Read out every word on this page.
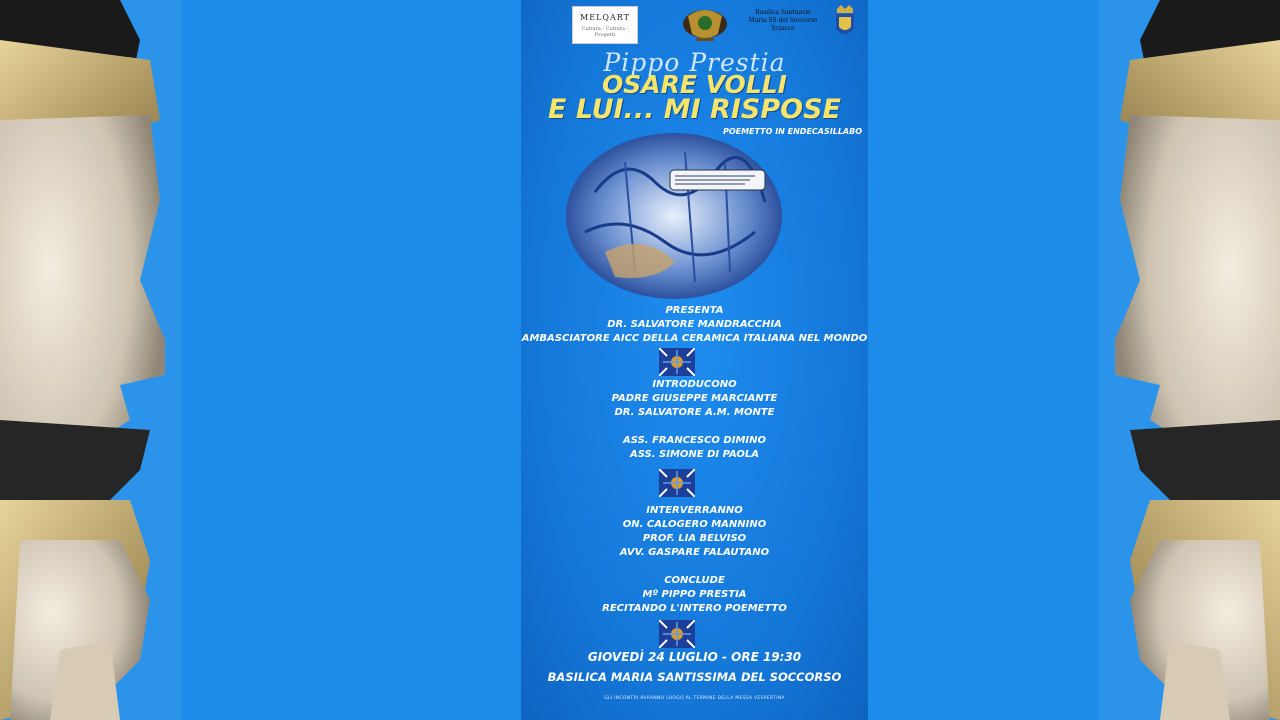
MELQART
Cultura - Cultura - Progetti
Basilica Santuario
Maria SS del Soccorso
Sciacca
Pippo Prestia
OSARE VOLLI
E LUI... MI RISPOSE
POEMETTO IN ENDECASILLABO
PRESENTA
DR. SALVATORE MANDRACCHIA
AMBASCIATORE AICC DELLA CERAMICA ITALIANA NEL MONDO
INTRODUCONO
PADRE GIUSEPPE MARCIANTE
DR. SALVATORE A.M. MONTE
ASS. FRANCESCO DIMINO
ASS. SIMONE DI PAOLA
INTERVERRANNO
ON. CALOGERO MANNINO
PROF. LIA BELVISO
AVV. GASPARE FALAUTANO
CONCLUDE
Mº PIPPO PRESTIA
RECITANDO L'INTERO POEMETTO
GIOVEDÌ 24 LUGLIO - ORE 19:30
BASILICA MARIA SANTISSIMA DEL SOCCORSO
GLI INCONTRI AVRANNO LUOGO AL TERMINE DELLA MESSA VESPERTINA
